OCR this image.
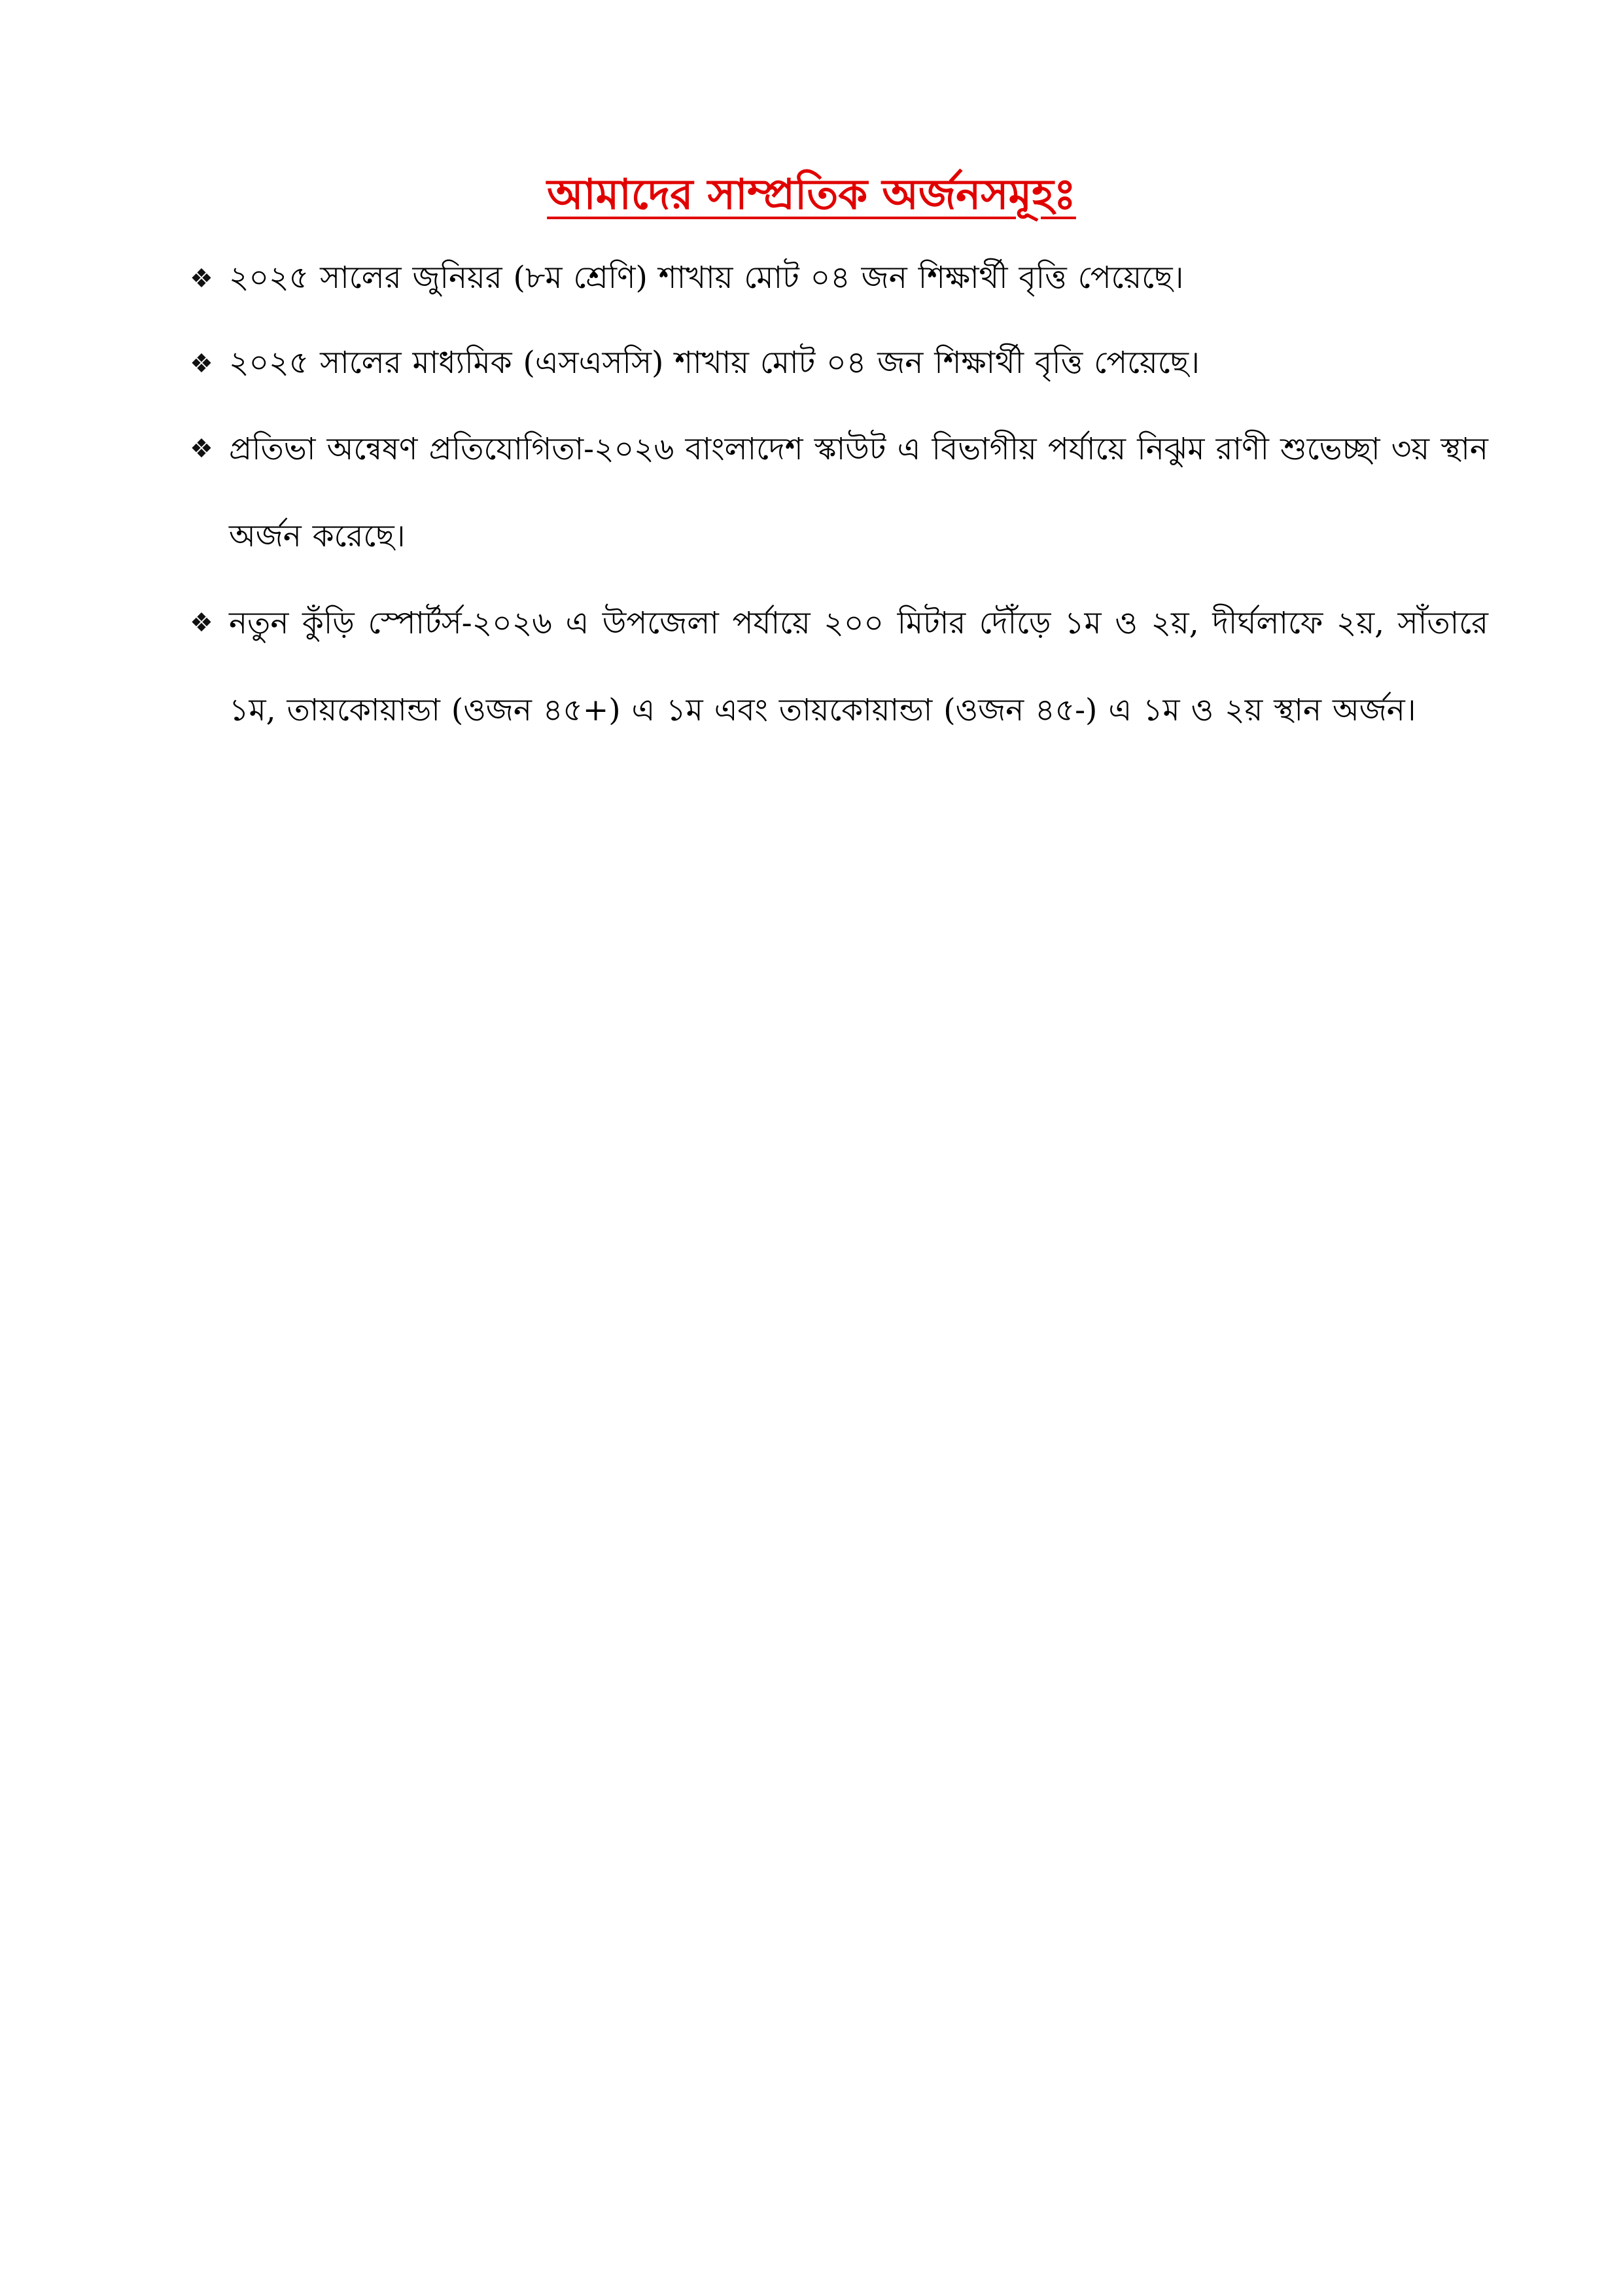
আমাদের সাম্প্রতিক অর্জনসমূহঃ
❖ ২০২৫ সালের জুনিয়র (৮ম শ্রেণি) শাখায় মোট ০৪ জন শিক্ষার্থী বৃত্তি পেয়েছে।
❖ ২০২৫ সালের মাধ্যমিক (এসএসসি) শাখায় মোট ০৪ জন শিক্ষার্থী বৃত্তি পেয়েছে।
❖ প্রতিভা অন্বেষণ প্রতিযোগিতা-২০২৬ বাংলাদেশ স্কাউট এ বিভাগীয় পর্যায়ে নিঝুম রাণী শুভেচ্ছা ৩য় স্থান অর্জন করেছে।
❖ নতুন কুঁড়ি স্পোর্টর্স-২০২৬ এ উপজেলা পর্যায়ে ২০০ মিটার দৌঁড়ে ১ম ও ২য়, দীর্ঘলাফে ২য়, সাঁতারে ১ম, তায়কোয়ান্ডা (ওজন ৪৫+) এ ১ম এবং তায়কোয়ান্ডা (ওজন ৪৫-) এ ১ম ও ২য় স্থান অর্জন।
